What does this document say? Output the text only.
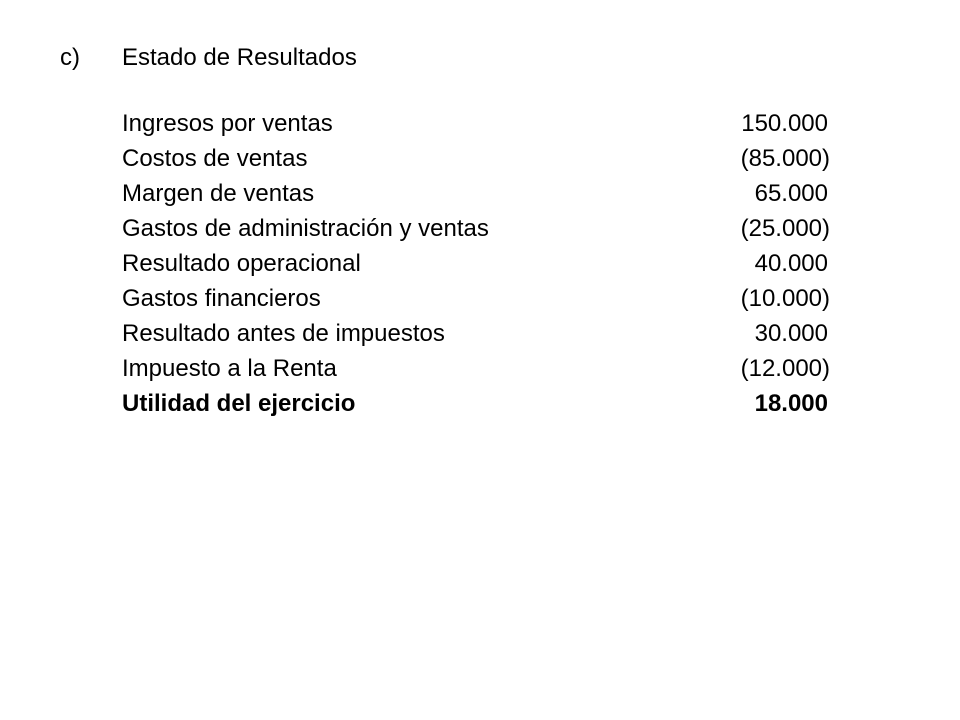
c) Estado de Resultados
Ingresos por ventas	150.000
Costos de ventas	(85.000)
Margen de ventas	65.000
Gastos de administración y ventas	(25.000)
Resultado operacional	40.000
Gastos financieros	(10.000)
Resultado antes de impuestos	30.000
Impuesto a la Renta	(12.000)
Utilidad del ejercicio	18.000
